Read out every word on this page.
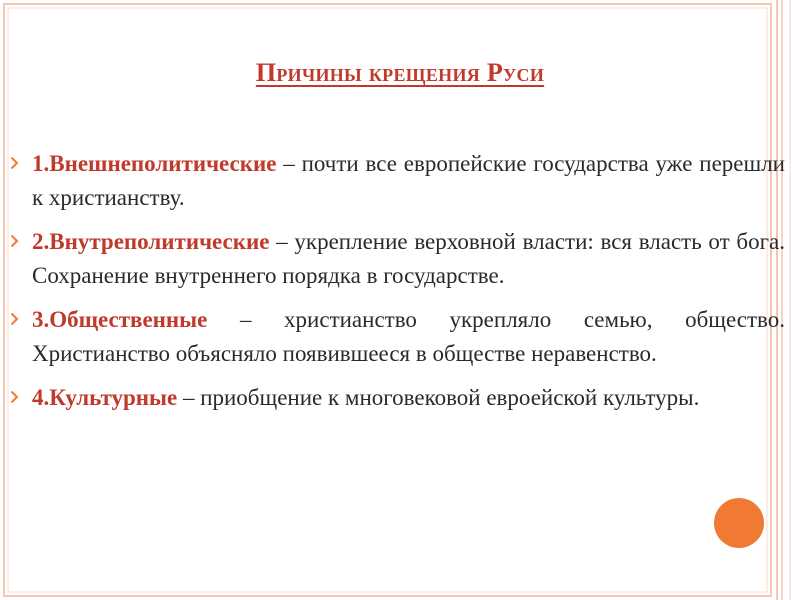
Причины крещения Руси
1.Внешнеполитические – почти все европейские государства уже перешли к христианству.
2.Внутреполитические – укрепление верховной власти: вся власть от бога. Сохранение внутреннего порядка в государстве.
3.Общественные – христианство укрепляло семью, общество. Христианство объясняло появившееся в обществе неравенство.
4.Культурные – приобщение к многовековой евроейской культуры.
